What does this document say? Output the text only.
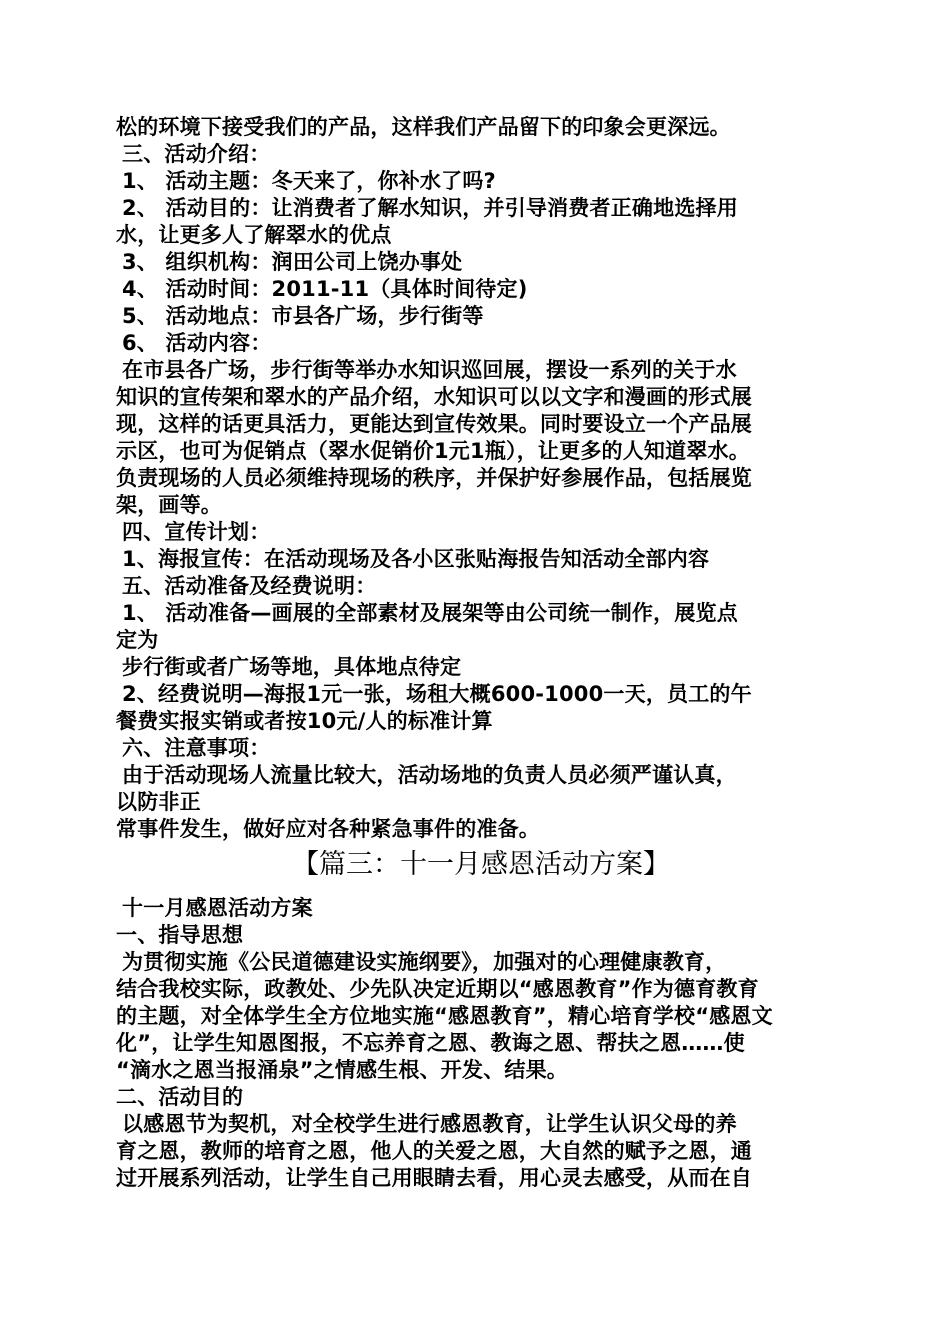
松的环境下接受我们的产品，这样我们产品留下的印象会更深远。
三、活动介绍：
1、 活动主题：冬天来了，你补水了吗?
2、 活动目的：让消费者了解水知识，并引导消费者正确地选择用
水，让更多人了解翠水的优点
3、 组织机构：润田公司上饶办事处
4、 活动时间：2011-11（具体时间待定)
5、 活动地点：市县各广场，步行街等
6、 活动内容：
在市县各广场，步行街等举办水知识巡回展，摆设一系列的关于水
知识的宣传架和翠水的产品介绍，水知识可以以文字和漫画的形式展
现，这样的话更具活力，更能达到宣传效果。同时要设立一个产品展
示区，也可为促销点（翠水促销价1元1瓶），让更多的人知道翠水。
负责现场的人员必须维持现场的秩序，并保护好参展作品，包括展览
架，画等。
四、宣传计划：
1、海报宣传：在活动现场及各小区张贴海报告知活动全部内容
五、活动准备及经费说明：
1、 活动准备—画展的全部素材及展架等由公司统一制作，展览点
定为
步行街或者广场等地，具体地点待定
2、经费说明—海报1元一张，场租大概600-1000一天，员工的午
餐费实报实销或者按10元/人的标准计算
六、注意事项：
由于活动现场人流量比较大，活动场地的负责人员必须严谨认真，
以防非正
常事件发生，做好应对各种紧急事件的准备。
【篇三：十一月感恩活动方案】
十一月感恩活动方案
一、指导思想
为贯彻实施《公民道德建设实施纲要》，加强对的心理健康教育，
结合我校实际，政教处、少先队决定近期以“感恩教育”作为德育教育
的主题，对全体学生全方位地实施“感恩教育”，精心培育学校“感恩文
化”，让学生知恩图报，不忘养育之恩、教诲之恩、帮扶之恩……使
“滴水之恩当报涌泉”之情感生根、开发、结果。
二、活动目的
以感恩节为契机，对全校学生进行感恩教育，让学生认识父母的养
育之恩，教师的培育之恩，他人的关爱之恩，大自然的赋予之恩，通
过开展系列活动，让学生自己用眼睛去看，用心灵去感受，从而在自
